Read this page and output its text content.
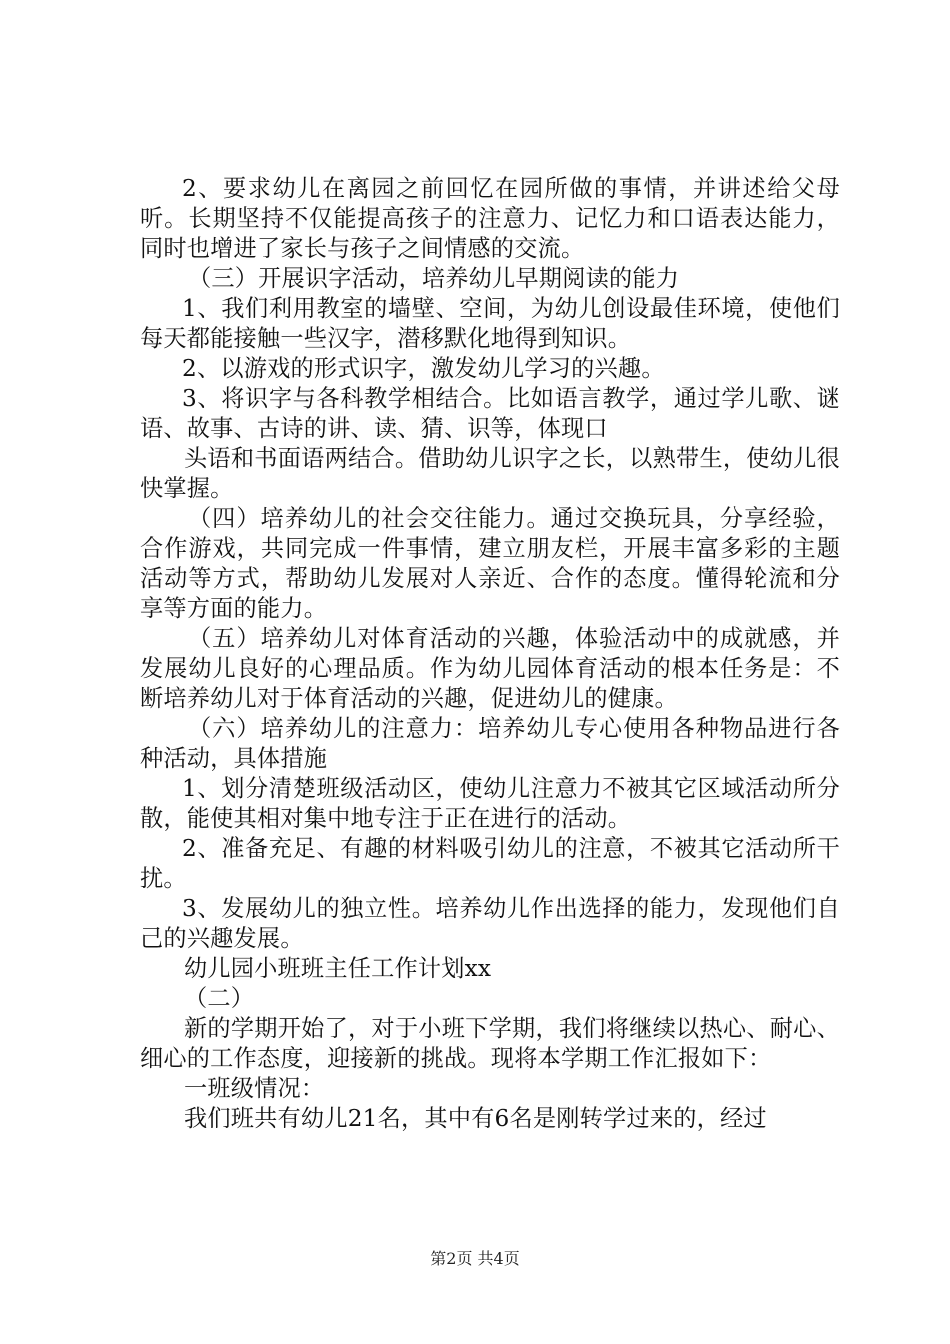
2、要求幼儿在离园之前回忆在园所做的事情，并讲述给父母听。长期坚持不仅能提高孩子的注意力、记忆力和口语表达能力，同时也增进了家长与孩子之间情感的交流。

（三）开展识字活动，培养幼儿早期阅读的能力

1、我们利用教室的墙壁、空间，为幼儿创设最佳环境，使他们每天都能接触一些汉字，潜移默化地得到知识。

2、以游戏的形式识字，激发幼儿学习的兴趣。

3、将识字与各科教学相结合。比如语言教学，通过学儿歌、谜语、故事、古诗的讲、读、猜、识等，体现口

头语和书面语两结合。借助幼儿识字之长，以熟带生，使幼儿很快掌握。

（四）培养幼儿的社会交往能力。通过交换玩具，分享经验，合作游戏，共同完成一件事情，建立朋友栏，开展丰富多彩的主题活动等方式，帮助幼儿发展对人亲近、合作的态度。懂得轮流和分享等方面的能力。

（五）培养幼儿对体育活动的兴趣，体验活动中的成就感，并发展幼儿良好的心理品质。作为幼儿园体育活动的根本任务是：不断培养幼儿对于体育活动的兴趣，促进幼儿的健康。

（六）培养幼儿的注意力：培养幼儿专心使用各种物品进行各种活动，具体措施

1、划分清楚班级活动区，使幼儿注意力不被其它区域活动所分散，能使其相对集中地专注于正在进行的活动。

2、准备充足、有趣的材料吸引幼儿的注意，不被其它活动所干扰。

3、发展幼儿的独立性。培养幼儿作出选择的能力，发现他们自己的兴趣发展。

幼儿园小班班主任工作计划xx

（二）

新的学期开始了，对于小班下学期，我们将继续以热心、耐心、细心的工作态度，迎接新的挑战。现将本学期工作汇报如下：

一班级情况：

我们班共有幼儿21名，其中有6名是刚转学过来的，经过

第2页 共4页
